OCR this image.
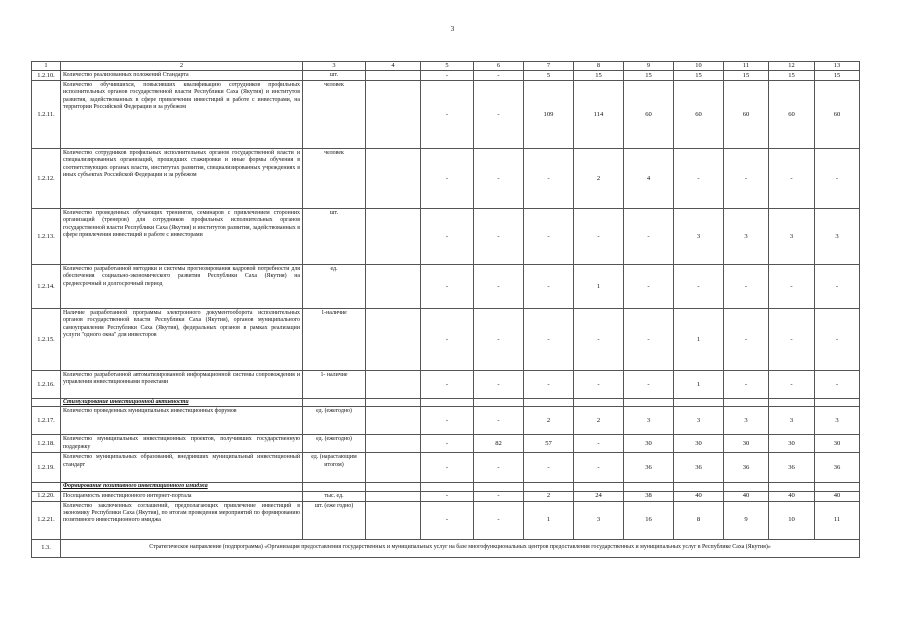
3
1	2	3	4	5	6	7	8	9	10	11	12	13
1.2.10.	Количество реализованных положений Стандарта	шт.		-	-	5	15	15	15	15	15	15
1.2.11.	Количество обучившихся, повысивших квалификацию сотрудников профильных исполнительных органов государственной власти Республики Саха (Якутия) и институтов развития, задействованных в сфере привлечения инвестиций и работе с инвесторами, на территории Российской Федерации и за рубежом	человек		-	-	109	114	60	60	60	60	60
1.2.12.	Количество сотрудников профильных исполнительных органов государственной власти и специализированных организаций, прошедших стажировки и иные формы обучения в соответствующих органах власти, институтах развития, специализированных учреждениях в иных субъектах Российской Федерации и за рубежом	человек		-	-	-	2	4	-	-	-	-
1.2.13.	Количество проведенных обучающих тренингов, семинаров с привлечением сторонних организаций (тренеров) для сотрудников профильных исполнительных органов государственной власти Республики Саха (Якутия) и институтов развития, задействованных в сфере привлечения инвестиций и работе с инвесторами	шт.		-	-	-	-	-	3	3	3	3
1.2.14.	Количество разработанной методики и системы прогнозирования кадровой потребности для обеспечения социально-экономического развития Республики Саха (Якутия) на среднесрочный и долгосрочный период	ед.		-	-	-	1	-	-	-	-	-
1.2.15.	Наличие разработанной программы электронного документооборота исполнительных органов государственной власти Республики Саха (Якутия), органов муниципального самоуправления Республики Саха (Якутия), федеральных органов в рамках реализации услуги "одного окна" для инвесторов	1-наличие		-	-	-	-	-	1	-	-	-
1.2.16.	Количество разработанной автоматизированной информационной системы сопровождения и управления инвестиционными проектами	1- наличие		-	-	-	-	-	1	-	-	-
	Стимулирование инвестиционной активности											
1.2.17.	Количество проведенных муниципальных инвестиционных форумов	ед. (ежегодно)		-	-	2	2	3	3	3	3	3
1.2.18.	Количество муниципальных инвестиционных проектов, получивших государственную поддержку	ед. (ежегодно)		-	82	57	-	30	30	30	30	30
1.2.19.	Количество муниципальных образований, внедривших муниципальный инвестиционный стандарт	ед. (нарастающим итогом)		-	-	-	-	36	36	36	36	36
	Формирование позитивного инвестиционного имиджа											
1.2.20.	Посещаемость инвестиционного интернет-портала	тыс. ед.		-	-	2	24	38	40	40	40	40
1.2.21.	Количество заключенных соглашений, предполагающих привлечение инвестиций в экономику Республики Саха (Якутия), по итогам проведения мероприятий по формированию позитивного инвестиционного имиджа	шт. (еже годно)		-	-	1	3	16	8	9	10	11
1.3.	Стратегическое направление (подпрограмма) «Организация предоставления государственных и муниципальных услуг на базе многофункциональных центров предоставления государственных и муниципальных услуг в Республике Саха (Якутия)»											
